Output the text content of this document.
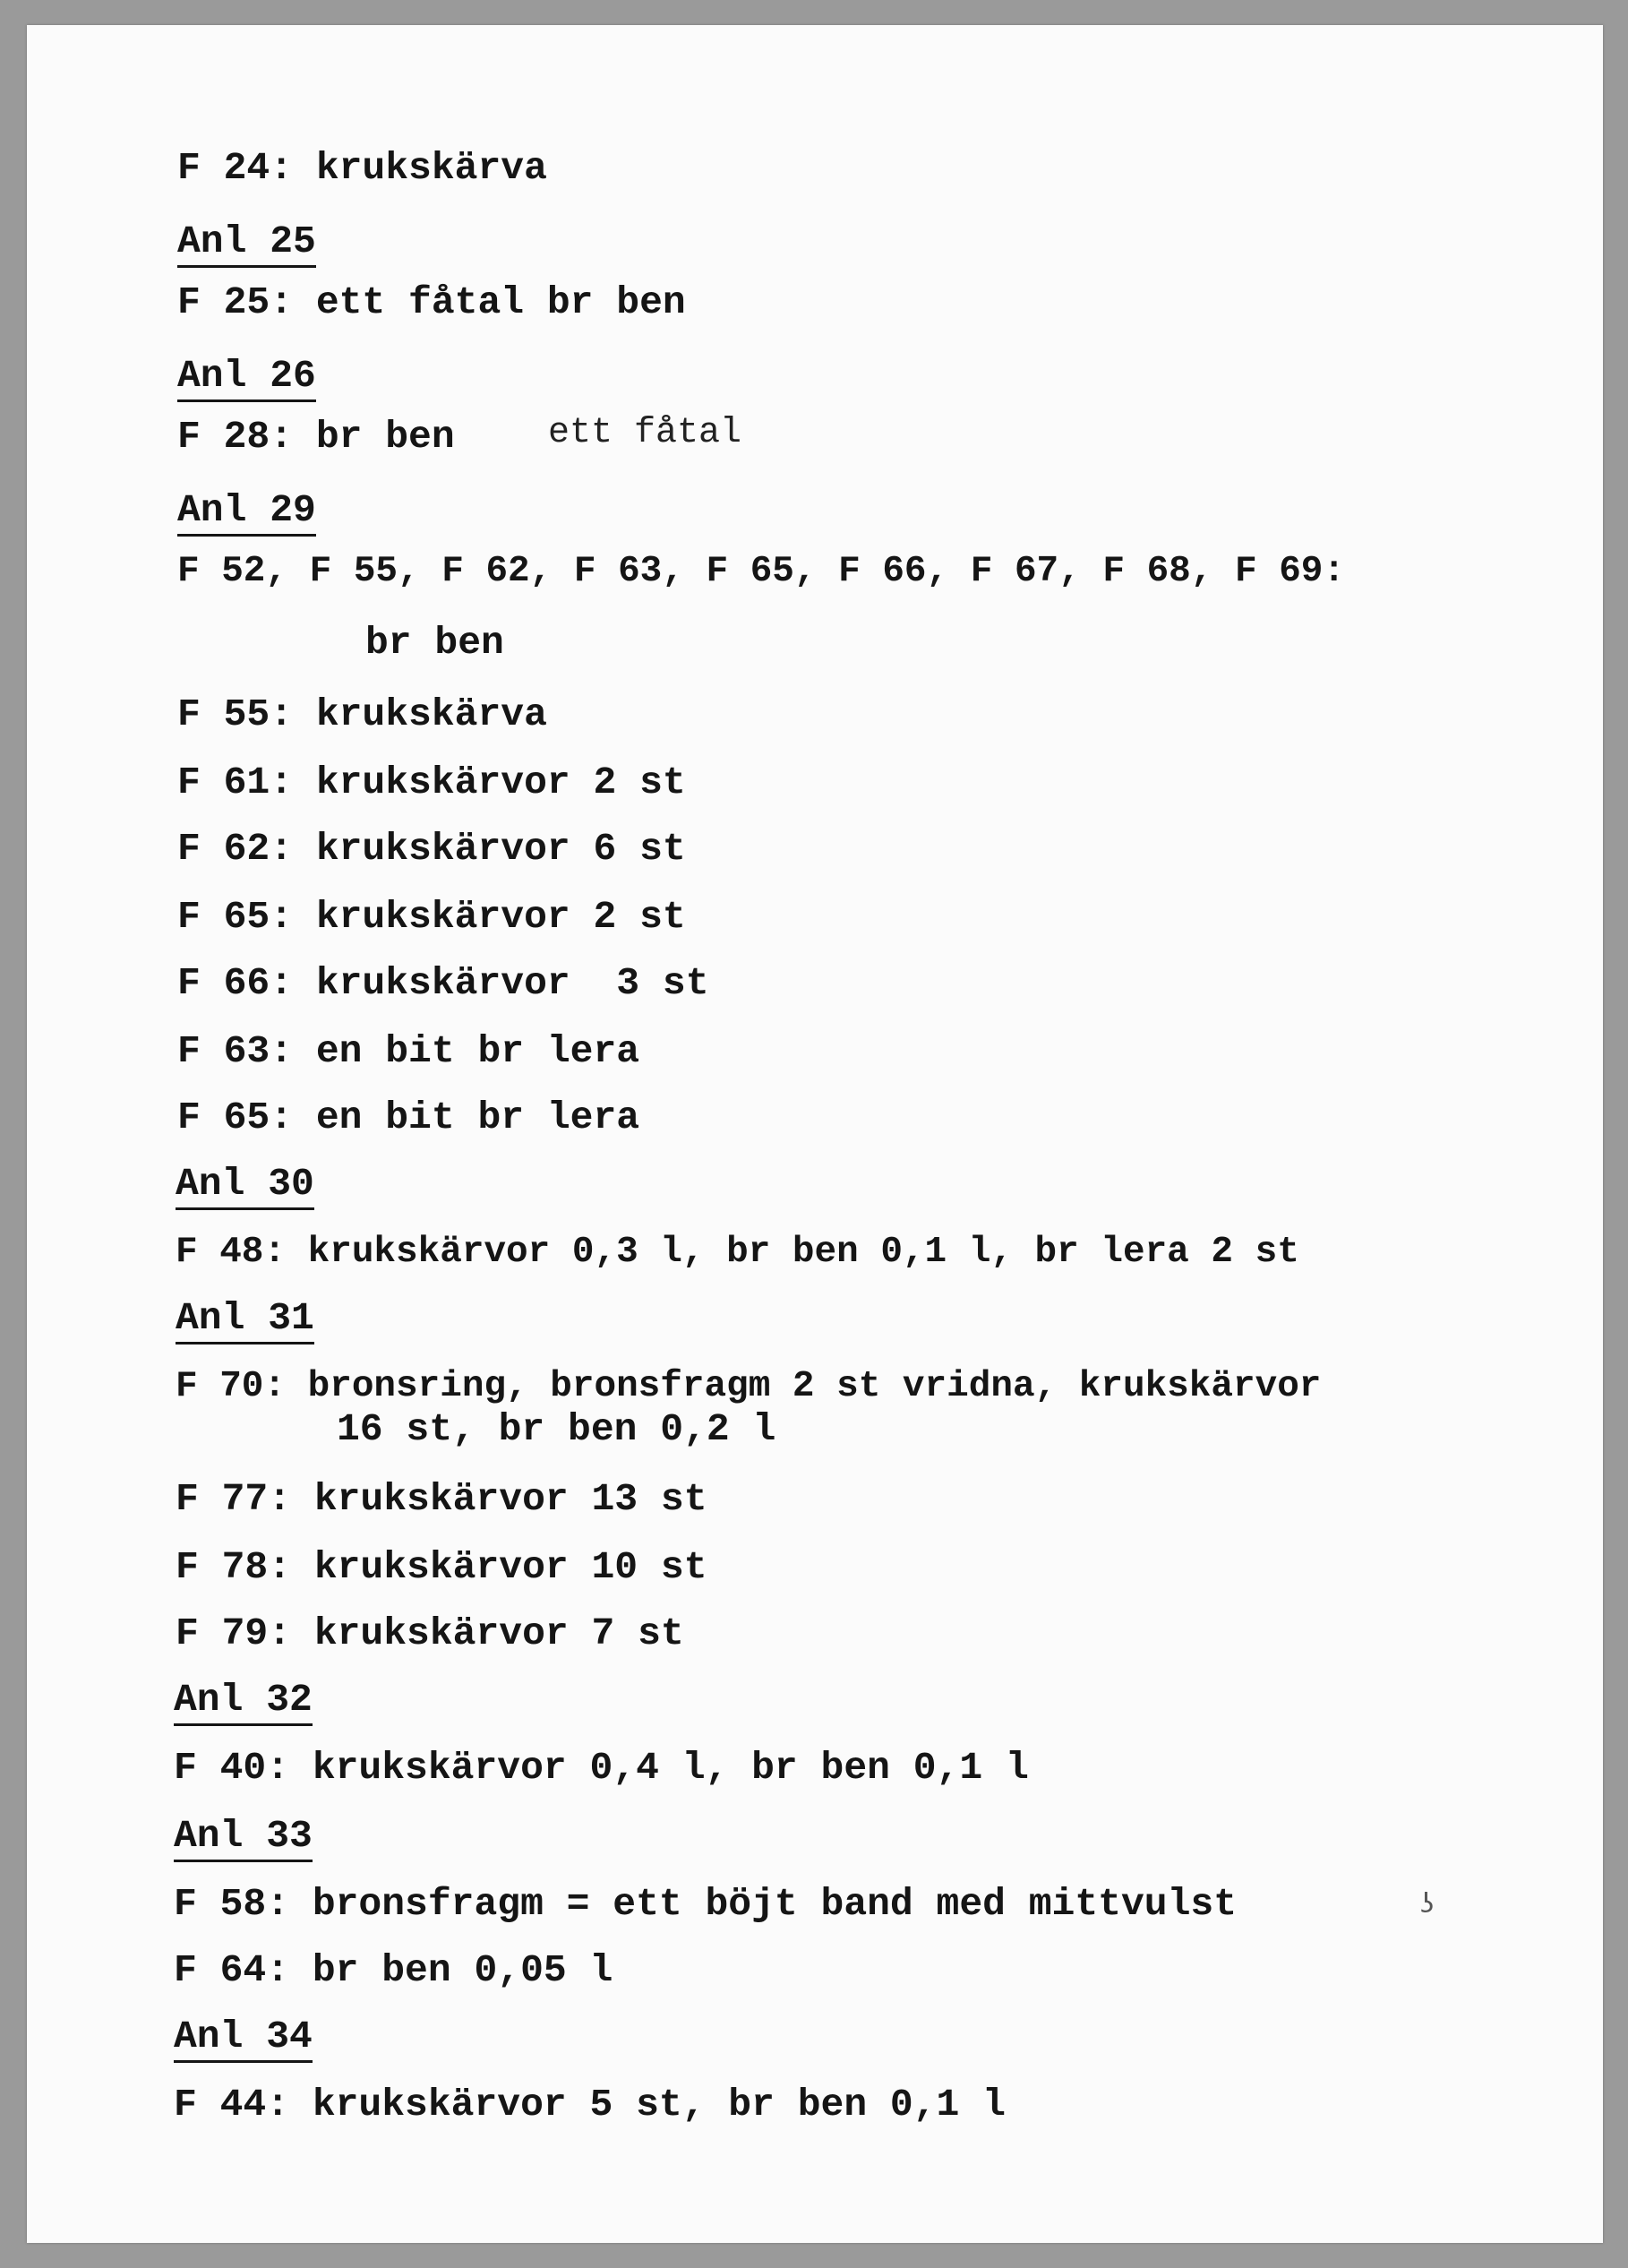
F 24: krukskärva
Anl 25
F 25: ett fåtal br ben
Anl 26
F 28: br ben	ett fåtal
Anl 29
F 52, F 55, F 62, F 63, F 65, F 66, F 67, F 68, F 69:
br ben
F 55: krukskärva
F 61: krukskärvor 2 st
F 62: krukskärvor 6 st
F 65: krukskärvor 2 st
F 66: krukskärvor  3 st
F 63: en bit br lera
F 65: en bit br lera
Anl 30
F 48: krukskärvor 0,3 l, br ben 0,1 l, br lera 2 st
Anl 31
F 70: bronsring, bronsfragm 2 st vridna, krukskärvor
16 st, br ben 0,2 l
F 77: krukskärvor 13 st
F 78: krukskärvor 10 st
F 79: krukskärvor 7 st
Anl 32
F 40: krukskärvor 0,4 l, br ben 0,1 l
Anl 33
F 58: bronsfragm = ett böjt band med mittvulst	ʖ
F 64: br ben 0,05 l
Anl 34
F 44: krukskärvor 5 st, br ben 0,1 l
